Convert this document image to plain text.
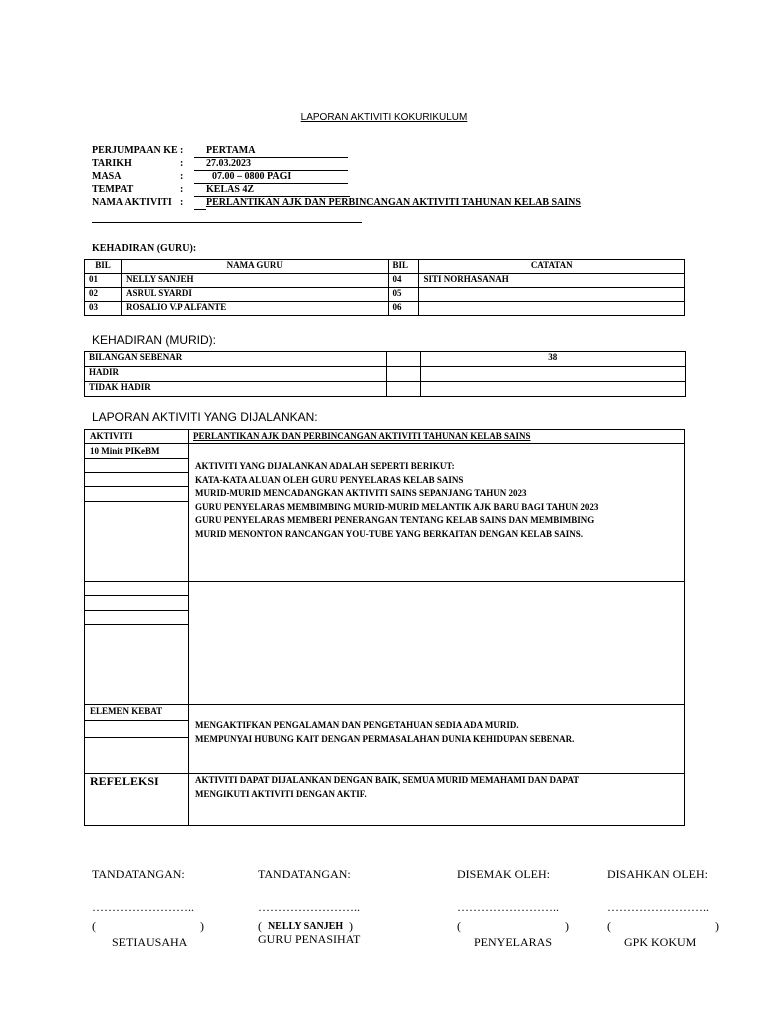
LAPORAN AKTIVITI KOKURIKULUM
PERJUMPAAN KE : PERTAMA
TARIKH	: 27.03.2023
MASA	:	07.00 – 0800 PAGI
TEMPAT	: KELAS 4Z
NAMA AKTIVITI : PERLANTIKAN AJK DAN PERBINCANGAN AKTIVITI TAHUNAN KELAB SAINS
KEHADIRAN (GURU):
BIL	NAMA GURU	BIL	CATATAN
01	NELLY SANJEH	04	SITI NORHASANAH
02	ASRUL SYARDI	05	
03	ROSALIO V.P ALFANTE	06	
KEHADIRAN (MURID):
BILANGAN SEBENAR		38
HADIR		
TIDAK HADIR		
LAPORAN AKTIVITI YANG DIJALANKAN:
AKTIVITI	PERLANTIKAN AJK DAN PERBINCANGAN AKTIVITI TAHUNAN KELAB SAINS
10 Minit PIKeBM
AKTIVITI YANG DIJALANKAN ADALAH SEPERTI BERIKUT:
KATA-KATA ALUAN OLEH GURU PENYELARAS KELAB SAINS
MURID-MURID MENCADANGKAN AKTIVITI SAINS SEPANJANG TAHUN 2023
GURU PENYELARAS MEMBIMBING MURID-MURID MELANTIK AJK BARU BAGI TAHUN 2023
GURU PENYELARAS MEMBERI PENERANGAN TENTANG KELAB SAINS DAN MEMBIMBING
MURID MENONTON RANCANGAN YOU-TUBE YANG BERKAITAN DENGAN KELAB SAINS.
ELEMEN KEBAT
MENGAKTIFKAN PENGALAMAN DAN PENGETAHUAN SEDIA ADA MURID.
MEMPUNYAI HUBUNG KAIT DENGAN PERMASALAHAN DUNIA KEHIDUPAN SEBENAR.
REFELEKSI	AKTIVITI DAPAT DIJALANKAN DENGAN BAIK, SEMUA MURID MEMAHAMI DAN DAPAT
MENGIKUTI AKTIVITI DENGAN AKTIF.
TANDATANGAN:
……………………..
(	)
SETIAUSAHA
TANDATANGAN:
……………………..
( NELLY SANJEH )
GURU PENASIHAT
DISEMAK OLEH:
……………………..
(	)
PENYELARAS
DISAHKAN OLEH:
……………………..
(	)
GPK KOKUM
